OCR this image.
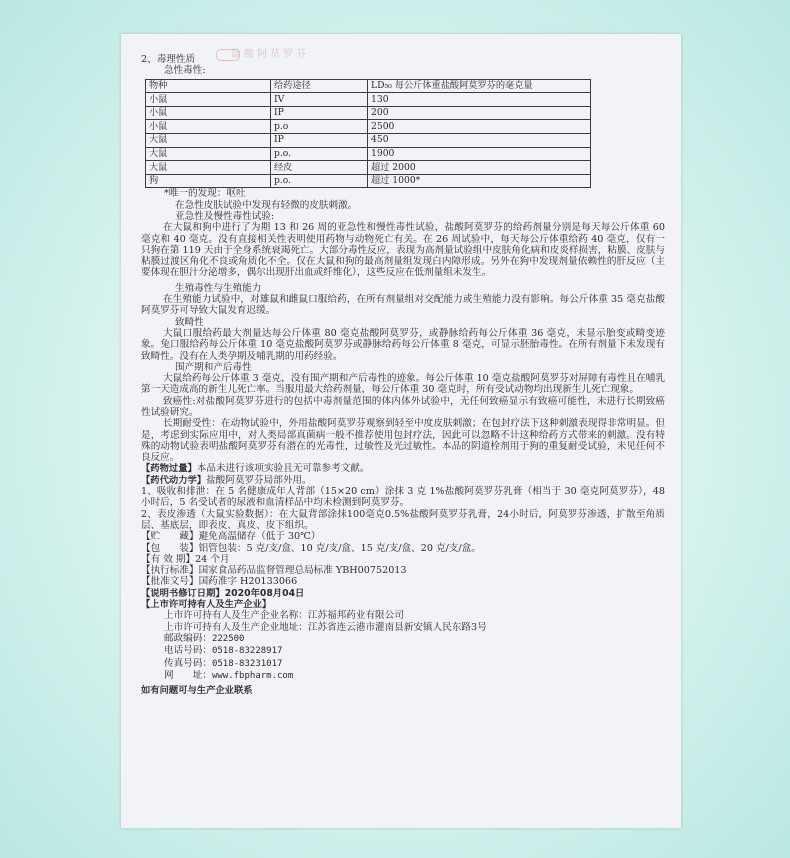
盐酸阿莫罗芬
2、毒理性质
急性毒性:
物种	给药途径	LD₅₀ 每公斤体重盐酸阿莫罗芬的毫克量
小鼠	IV	130
小鼠	IP	200
小鼠	p.o	2500
大鼠	IP	450
大鼠	p.o.	1900
大鼠	经皮	超过 2000
狗	p.o.	超过 1000*
*唯一的发现：呕吐
在急性皮肤试验中发现有轻微的皮肤刺激。
亚急性及慢性毒性试验:
在大鼠和狗中进行了为期 13 和 26 周的亚急性和慢性毒性试验，盐酸阿莫罗芬的给药剂量分别是每天每公斤体重 60 毫克和 40 毫克。没有直接相关性表明使用药物与动物死亡有关。在 26 周试验中，每天每公斤体重给药 40 毫克，仅有一只狗在第 119 天由于全身系统衰竭死亡。大部分毒性反应，表现为高剂量试验组中皮肤角化病和皮炎样损害，粘膜、皮肤与粘膜过渡区角化不良或角质化不全。仅在大鼠和狗的最高剂量组发现白内障形成。另外在狗中发现剂量依赖性的肝反应（主要体现在胆汁分泌增多，偶尔出现肝出血或纤维化），这些反应在低剂量组未发生。
生殖毒性与生殖能力
在生殖能力试验中，对雄鼠和雌鼠口服给药，在所有剂量组对交配能力或生殖能力没有影响。每公斤体重 35 毫克盐酸阿莫罗芬可导致大鼠发育迟缓。
致畸性
大鼠口服给药最大剂量达每公斤体重 80 毫克盐酸阿莫罗芬，或静脉给药每公斤体重 36 毫克，未显示胎变或畸变迹象。兔口服给药每公斤体重 10 毫克盐酸阿莫罗芬或静脉给药每公斤体重 8 毫克，可显示胚胎毒性。在所有剂量下未发现有致畸性。没有在人类孕期及哺乳期的用药经验。
围产期和产后毒性
大鼠给药每公斤体重 3 毫克，没有围产期和产后毒性的迹象。每公斤体重 10 毫克盐酸阿莫罗芬对屏障有毒性且在哺乳第一天造成高的新生儿死亡率。当服用最大给药剂量，每公斤体重 30 毫克时，所有受试动物均出现新生儿死亡现象。
致癌性:对盐酸阿莫罗芬进行的包括中毒剂量范围的体内体外试验中，无任何致癌显示有致癌可能性，未进行长期致癌性试验研究。
长期耐受性：在动物试验中，外用盐酸阿莫罗芬观察到轻至中度皮肤刺激；在包封疗法下这种刺激表现得非常明显。但是，考虑到实际应用中，对人类局部真菌病一般不推荐使用包封疗法，因此可以忽略不计这种给药方式带来的刺激。没有特殊的动物试验表明盐酸阿莫罗芬有潜在的光毒性，过敏性及光过敏性。本品的阴道栓剂用于狗的重复耐受试验，未见任何不良反应。
【药物过量】本品未进行该项实验且无可靠参考文献。
【药代动力学】盐酸阿莫罗芬局部外用。
1、吸收和排泄：在 5 名健康成年人背部（15×20 cm）涂抹 3 克 1%盐酸阿莫罗芬乳膏（相当于 30 毫克阿莫罗芬），48 小时后，5 名受试者的尿液和血清样品中均未检测到阿莫罗芬。
2、表皮渗透（大鼠实验数据）：在大鼠背部涂抹100毫克0.5%盐酸阿莫罗芬乳膏，24小时后，阿莫罗芬渗透，扩散至角质层、基底层，即表皮、真皮、皮下组织。
【贮　　藏】避免高温储存（低于 30℃）
【包　　装】铝管包装：5 克/支/盒、10 克/支/盒、15 克/支/盒、20 克/支/盒。
【有 效 期】24 个月
【执行标准】国家食品药品监督管理总局标准 YBH00752013
【批准文号】国药准字 H20133066
【说明书修订日期】2020年08月04日
【上市许可持有人及生产企业】
上市许可持有人及生产企业名称：江苏福邦药业有限公司
上市许可持有人及生产企业地址：江苏省连云港市灌南县新安镇人民东路3号
邮政编码：222500
电话号码：0518-83228917
传真号码：0518-83231017
网　　址：www.fbpharm.com
如有问题可与生产企业联系
